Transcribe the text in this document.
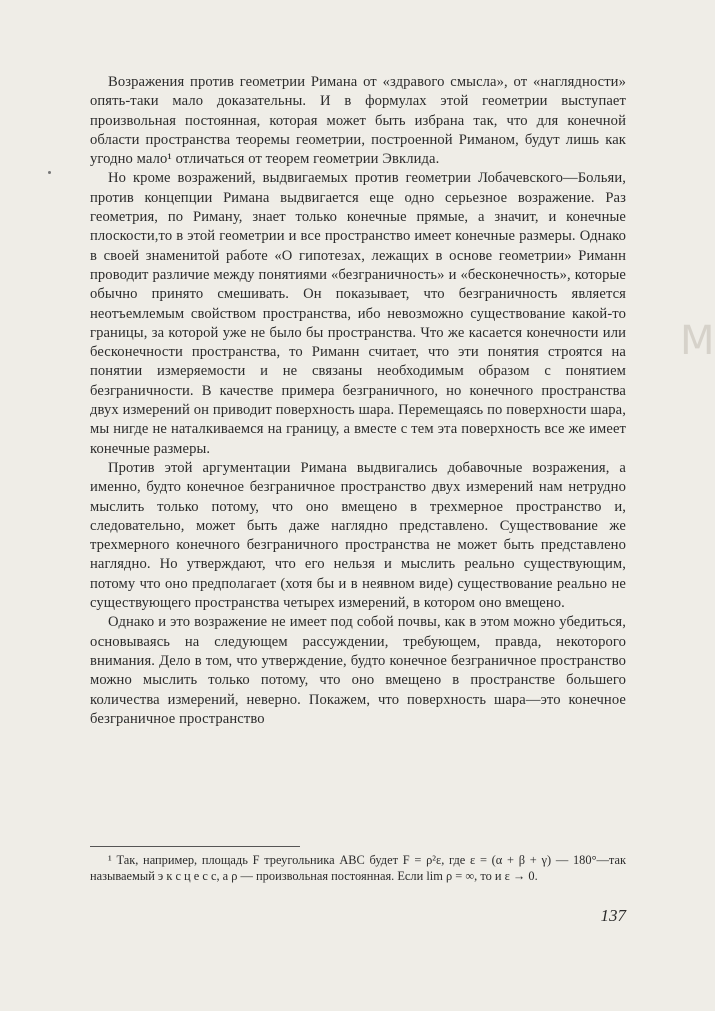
M

Возражения против геометрии Римана от «здравого смысла», от «наглядности» опять-таки мало доказательны. И в формулах этой геометрии выступает произвольная постоянная, которая может быть избрана так, что для конечной области пространства теоремы геометрии, построенной Риманом, будут лишь как угодно мало¹ отличаться от теорем геометрии Эвклида.

Но кроме возражений, выдвигаемых против геометрии Лобачевского—Больяи, против концепции Римана выдвигается еще одно серьезное возражение. Раз геометрия, по Риману, знает только конечные прямые, а значит, и конечные плоскости,то в этой геометрии и все пространство имеет конечные размеры. Однако в своей знаменитой работе «О гипотезах, лежащих в основе геометрии» Риманн проводит различие между понятиями «безграничность» и «бесконечность», которые обычно принято смешивать. Он показывает, что безграничность является неотъемлемым свойством пространства, ибо невозможно существование какой-то границы, за которой уже не было бы пространства. Что же касается конечности или бесконечности пространства, то Риманн считает, что эти понятия строятся на понятии измеряемости и не связаны необходимым образом с понятием безграничности. В качестве примера безграничного, но конечного пространства двух измерений он приводит поверхность шара. Перемещаясь по поверхности шара, мы нигде не наталкиваемся на границу, а вместе с тем эта поверхность все же имеет конечные размеры.

Против этой аргументации Римана выдвигались добавочные возражения, а именно, будто конечное безграничное пространство двух измерений нам нетрудно мыслить только потому, что оно вмещено в трехмерное пространство и, следовательно, может быть даже наглядно представлено. Существование же трехмерного конечного безграничного пространства не может быть представлено наглядно. Но утверждают, что его нельзя и мыслить реально существующим, потому что оно предполагает (хотя бы и в неявном виде) существование реально не существующего пространства четырех измерений, в котором оно вмещено.

Однако и это возражение не имеет под собой почвы, как в этом можно убедиться, основываясь на следующем рассуждении, требующем, правда, некоторого внимания. Дело в том, что утверждение, будто конечное безграничное пространство можно мыслить только потому, что оно вмещено в пространстве большего количества измерений, неверно. Покажем, что поверхность шара—это конечное безграничное пространство

¹ Так, например, площадь F треугольника ABC будет F = ρ²ε, где ε = (α + β + γ) — 180°—так называемый э к с ц е с с, а ρ — произвольная постоянная. Если lim ρ = ∞, то и ε → 0.
137
